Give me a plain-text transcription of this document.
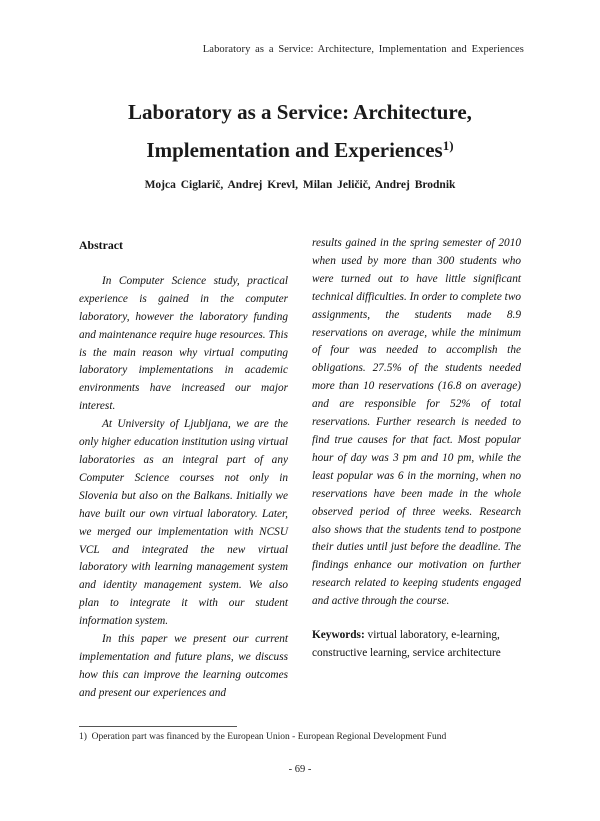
Laboratory as a Service: Architecture, Implementation and Experiences
Laboratory as a Service: Architecture,
Implementation and Experiences$^{1)}$
Mojca Ciglarič, Andrej Krevl, Milan Jeličič, Andrej Brodnik
Abstract

In Computer Science study, practical experience is gained in the computer laboratory, however the laboratory funding and maintenance require huge resources. This is the main reason why virtual computing laboratory implementations in academic environments have increased our major interest.

At University of Ljubljana, we are the only higher education institution using virtual laboratories as an integral part of any Computer Science courses not only in Slovenia but also on the Balkans. Initially we have built our own virtual laboratory. Later, we merged our implementation with NCSU VCL and integrated the new virtual laboratory with learning management system and identity management system. We also plan to integrate it with our student information system.

In this paper we present our current implementation and future plans, we discuss how this can improve the learning outcomes and present our experiences and

results gained in the spring semester of 2010 when used by more than 300 students who were turned out to have little significant technical difficulties. In order to complete two assignments, the students made 8.9 reservations on average, while the minimum of four was needed to accomplish the obligations. 27.5% of the students needed more than 10 reservations (16.8 on average) and are responsible for 52% of total reservations. Further research is needed to find true causes for that fact. Most popular hour of day was 3 pm and 10 pm, while the least popular was 6 in the morning, when no reservations have been made in the whole observed period of three weeks. Research also shows that the students tend to postpone their duties until just before the deadline. The findings enhance our motivation on further research related to keeping students engaged and active through the course.

Keywords: virtual laboratory, e-learning, constructive learning, service architecture

1) Operation part was financed by the European Union - European Regional Development Fund
- 69 -
